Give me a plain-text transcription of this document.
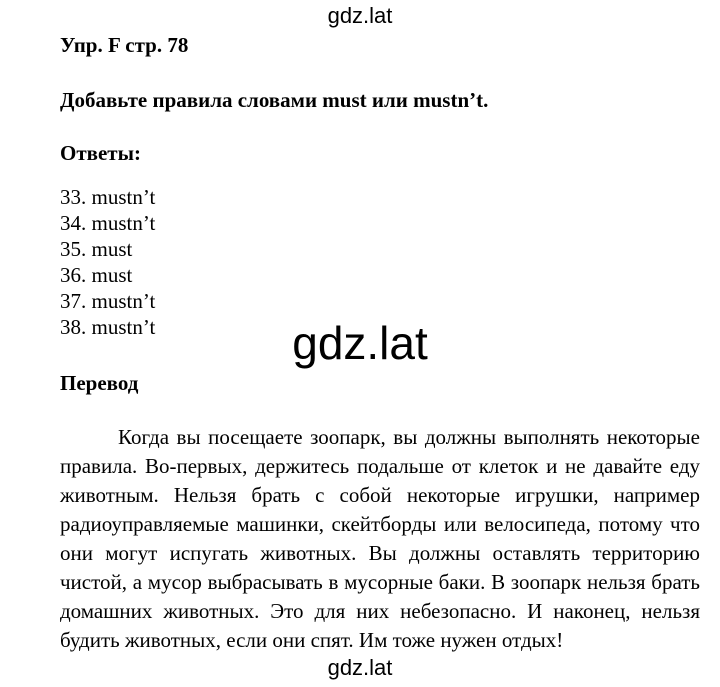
gdz.lat
Упр. F стр. 78
Добавьте правила словами must или mustn’t.
Ответы:
33. mustn’t
34. mustn’t
35. must
36. must
37. mustn’t
38. mustn’t	gdz.lat
Перевод

Когда вы посещаете зоопарк, вы должны выполнять некоторые правила. Во-первых, держитесь подальше от клеток и не давайте еду животным. Нельзя брать с собой некоторые игрушки, например радиоуправляемые машинки, скейтборды или велосипеда, потому что они могут испугать животных. Вы должны оставлять территорию чистой, а мусор выбрасывать в мусорные баки. В зоопарк нельзя брать домашних животных. Это для них небезопасно. И наконец, нельзя будить животных, если они спят. Им тоже нужен отдых!

gdz.lat
